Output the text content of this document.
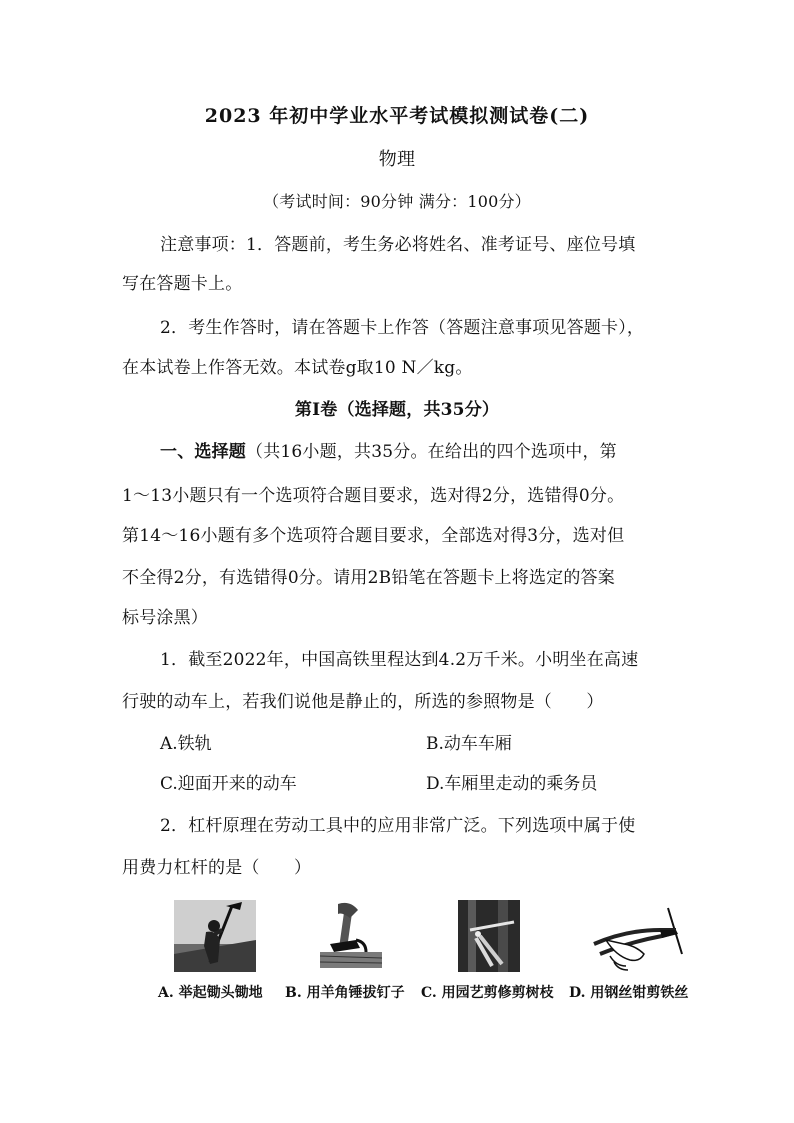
2023 年初中学业水平考试模拟测试卷(二)
物理
（考试时间：90分钟 满分：100分）
注意事项：1．答题前，考生务必将姓名、准考证号、座位号填
写在答题卡上。
2．考生作答时，请在答题卡上作答（答题注意事项见答题卡），
在本试卷上作答无效。本试卷g取10 N／kg。
第Ⅰ卷（选择题，共35分）
一、选择题（共16小题，共35分。在给出的四个选项中，第
1～13小题只有一个选项符合题目要求，选对得2分，选错得0分。
第14～16小题有多个选项符合题目要求，全部选对得3分，选对但
不全得2分，有选错得0分。请用2B铅笔在答题卡上将选定的答案
标号涂黑）
1．截至2022年，中国高铁里程达到4.2万千米。小明坐在高速
行驶的动车上，若我们说他是静止的，所选的参照物是（　　）
A.铁轨	B.动车车厢
C.迎面开来的动车	D.车厢里走动的乘务员
2．杠杆原理在劳动工具中的应用非常广泛。下列选项中属于使
用费力杠杆的是（　　）
A. 举起锄头锄地 B. 用羊角锤拔钉子 C. 用园艺剪修剪树枝 D. 用钢丝钳剪铁丝
